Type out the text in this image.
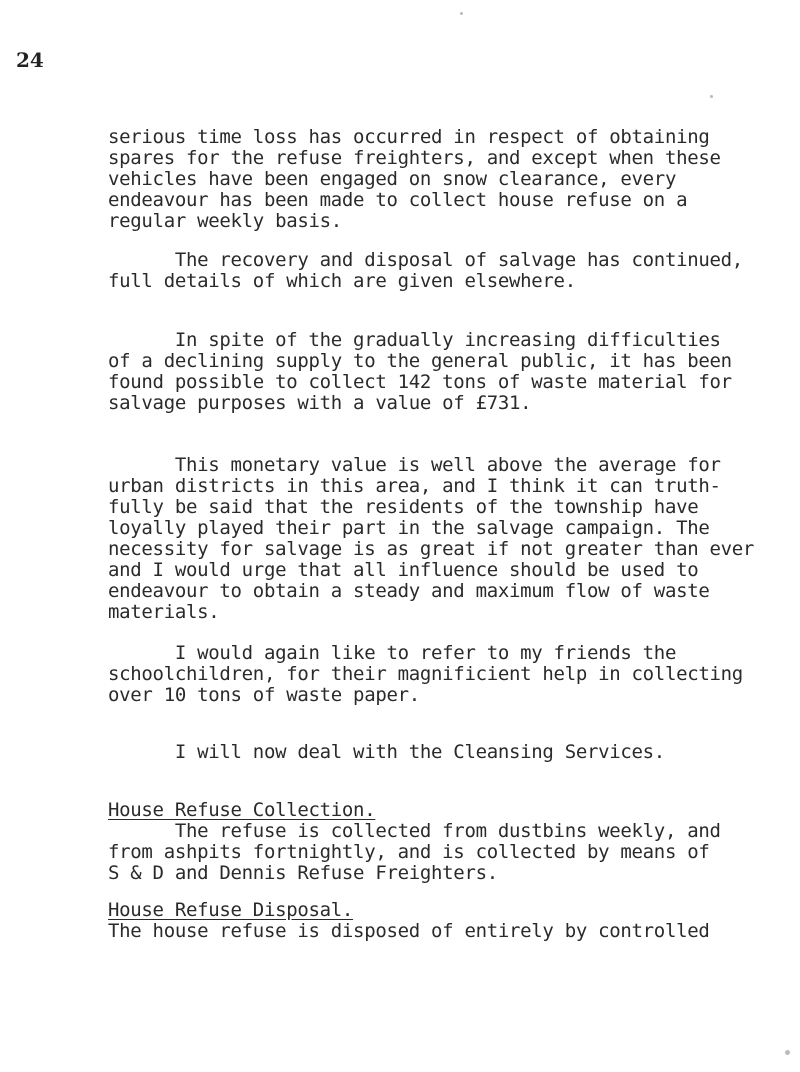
24
serious time loss has occurred in respect of obtaining
spares for the refuse freighters, and except when these
vehicles have been engaged on snow clearance, every
endeavour has been made to collect house refuse on a
regular weekly basis.
The recovery and disposal of salvage has continued,
full details of which are given elsewhere.
In spite of the gradually increasing difficulties
of a declining supply to the general public, it has been
found possible to collect 142 tons of waste material for
salvage purposes with a value of £731.
This monetary value is well above the average for
urban districts in this area, and I think it can truth-
fully be said that the residents of the township have
loyally played their part in the salvage campaign. The
necessity for salvage is as great if not greater than ever
and I would urge that all influence should be used to
endeavour to obtain a steady and maximum flow of waste
materials.
I would again like to refer to my friends the
schoolchildren, for their magnificient help in collecting
over 10 tons of waste paper.
I will now deal with the Cleansing Services.
House Refuse Collection.
The refuse is collected from dustbins weekly, and
from ashpits fortnightly, and is collected by means of
S & D and Dennis Refuse Freighters.
House Refuse Disposal.
The house refuse is disposed of entirely by controlled
